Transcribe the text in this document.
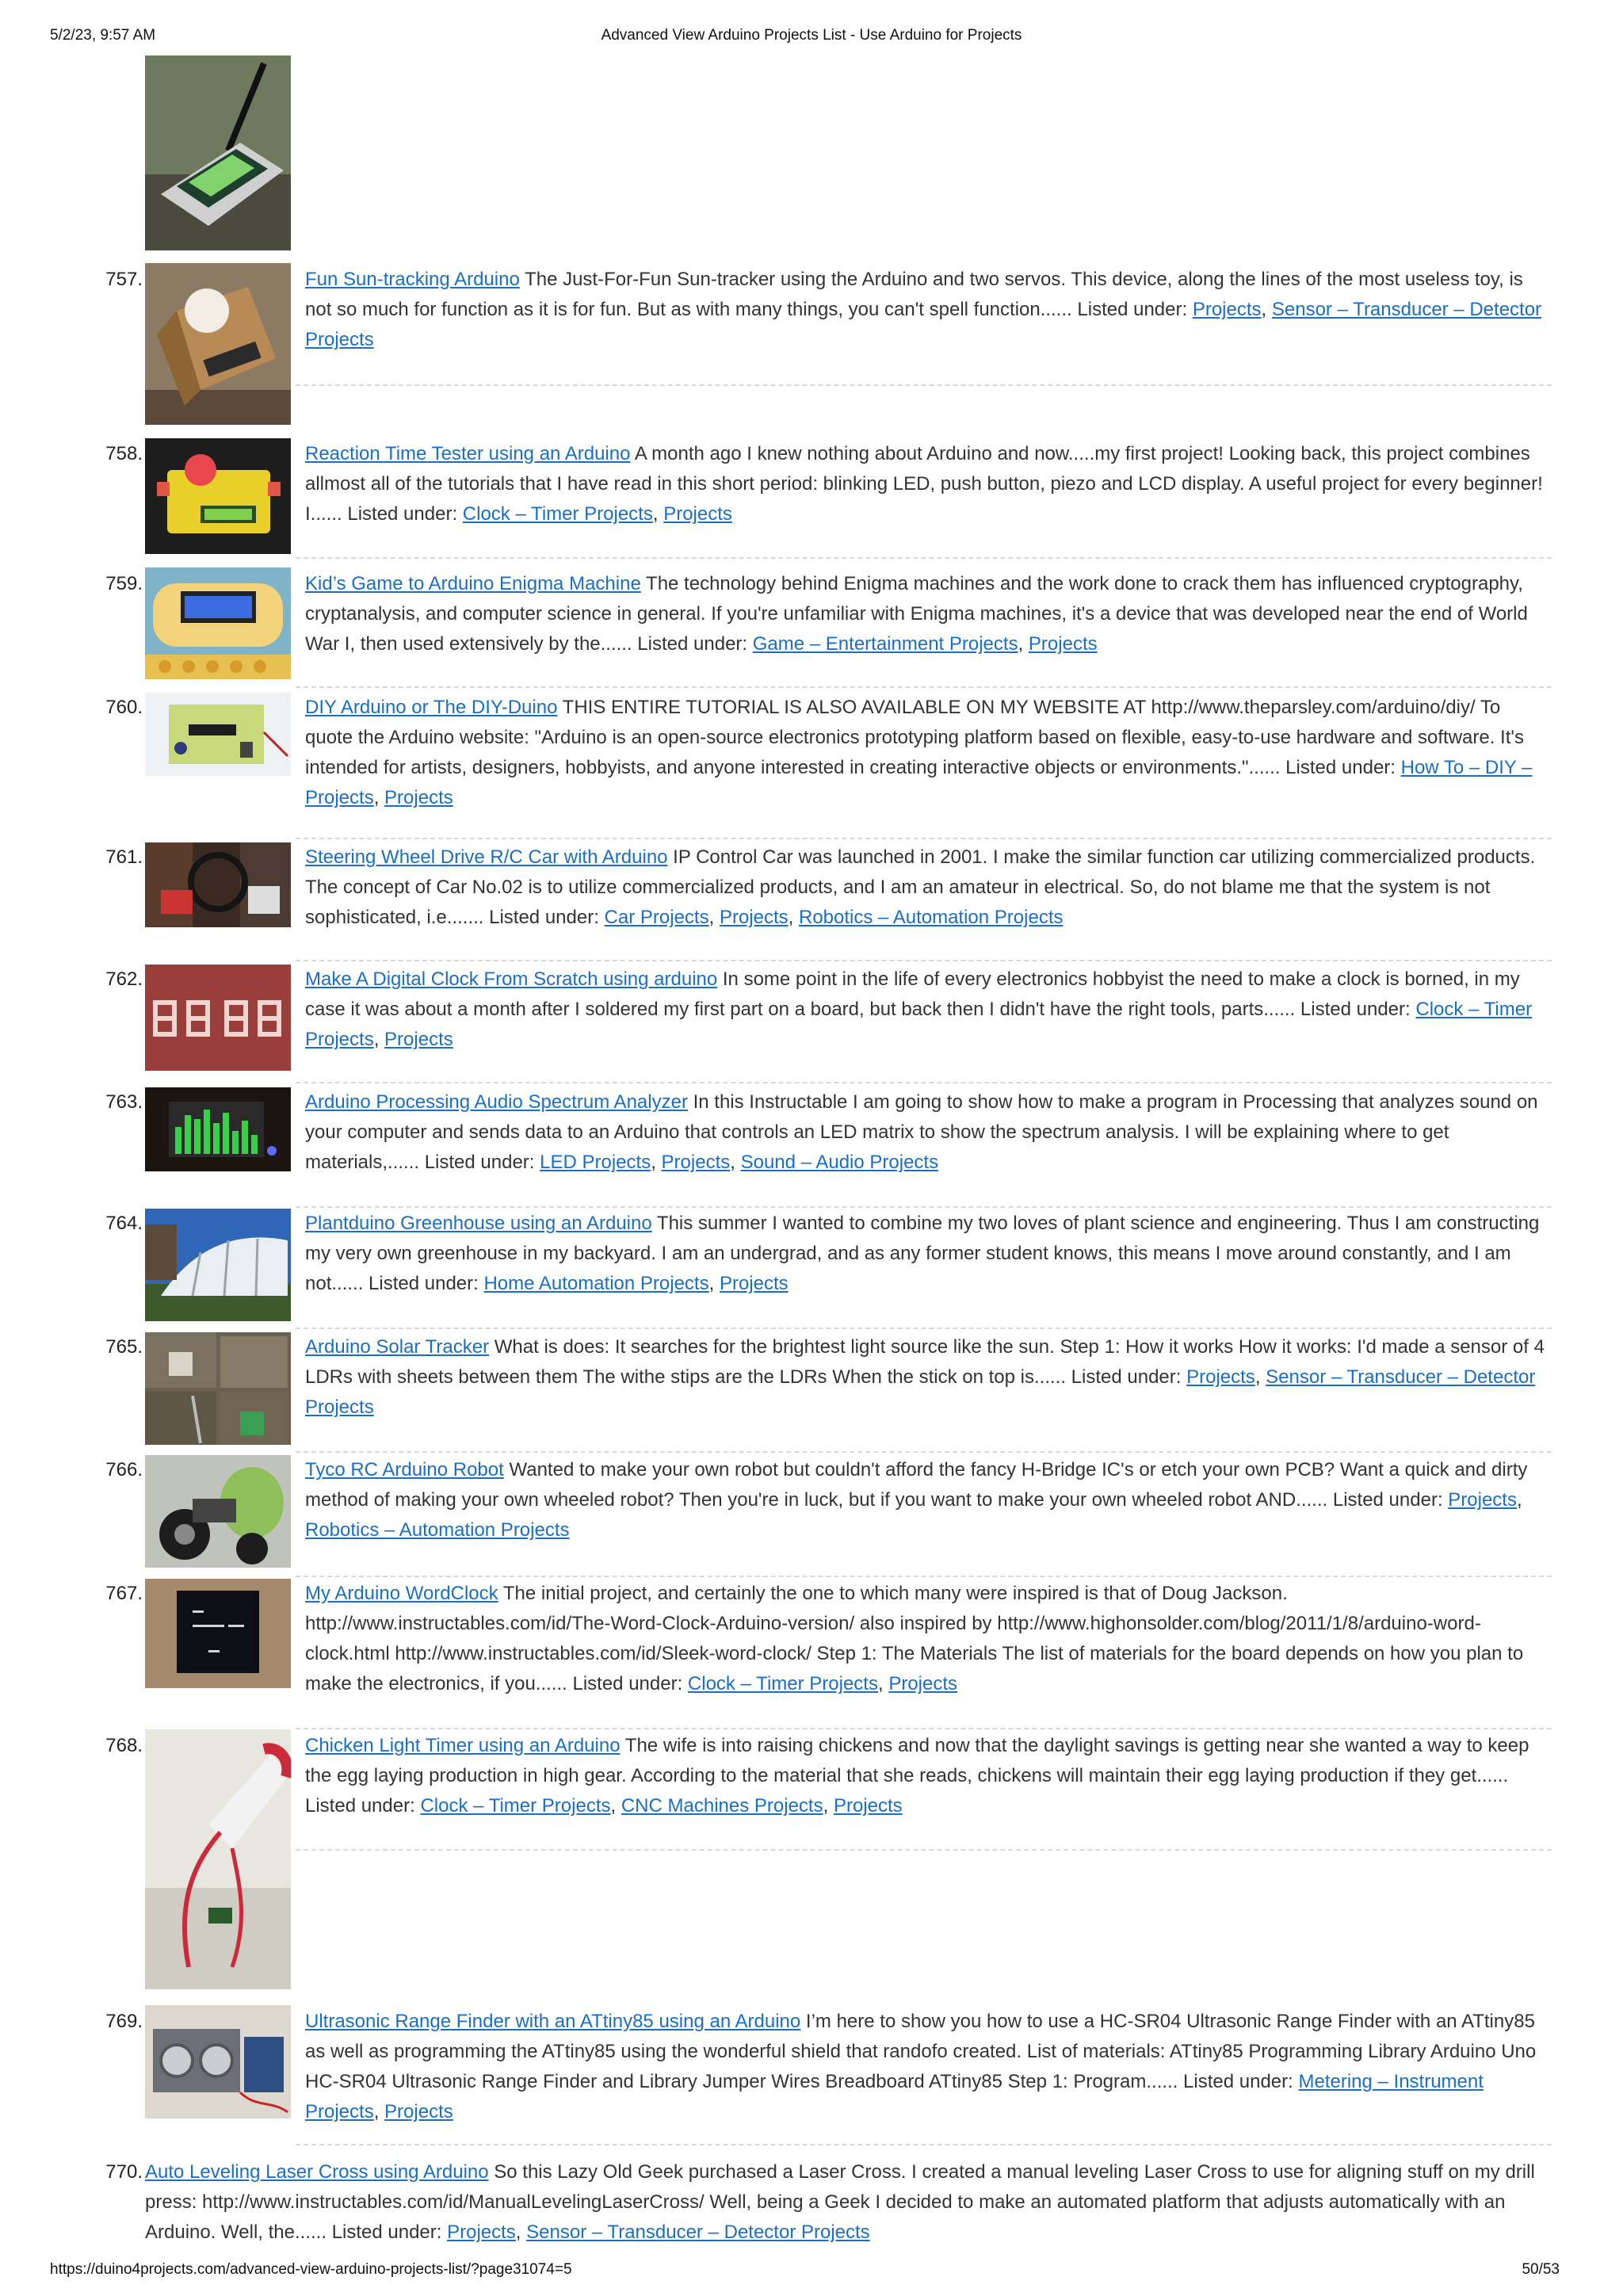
5/2/23, 9:57 AM	Advanced View Arduino Projects List - Use Arduino for Projects
757.	Fun Sun-tracking Arduino The Just-For-Fun Sun-tracker using the Arduino and two servos. This device, along the lines of the most useless toy, is not so much for function as it is for fun. But as with many things, you can't spell function...... Listed under: Projects, Sensor – Transducer – Detector Projects
758.	Reaction Time Tester using an Arduino A month ago I knew nothing about Arduino and now.....my first project! Looking back, this project combines allmost all of the tutorials that I have read in this short period: blinking LED, push button, piezo and LCD display. A useful project for every beginner! I...... Listed under: Clock – Timer Projects, Projects
759.	Kid’s Game to Arduino Enigma Machine The technology behind Enigma machines and the work done to crack them has influenced cryptography, cryptanalysis, and computer science in general. If you're unfamiliar with Enigma machines, it's a device that was developed near the end of World War I, then used extensively by the...... Listed under: Game – Entertainment Projects, Projects
760.	DIY Arduino or The DIY-Duino THIS ENTIRE TUTORIAL IS ALSO AVAILABLE ON MY WEBSITE AT http://www.theparsley.com/arduino/diy/ To quote the Arduino website: "Arduino is an open-source electronics prototyping platform based on flexible, easy-to-use hardware and software. It's intended for artists, designers, hobbyists, and anyone interested in creating interactive objects or environments."...... Listed under: How To – DIY – Projects, Projects
761.	Steering Wheel Drive R/C Car with Arduino IP Control Car was launched in 2001. I make the similar function car utilizing commercialized products. The concept of Car No.02 is to utilize commercialized products, and I am an amateur in electrical. So, do not blame me that the system is not sophisticated, i.e....... Listed under: Car Projects, Projects, Robotics – Automation Projects
762.	Make A Digital Clock From Scratch using arduino In some point in the life of every electronics hobbyist the need to make a clock is borned, in my case it was about a month after I soldered my first part on a board, but back then I didn't have the right tools, parts...... Listed under: Clock – Timer Projects, Projects
763.	Arduino Processing Audio Spectrum Analyzer In this Instructable I am going to show how to make a program in Processing that analyzes sound on your computer and sends data to an Arduino that controls an LED matrix to show the spectrum analysis. I will be explaining where to get materials,...... Listed under: LED Projects, Projects, Sound – Audio Projects
764.	Plantduino Greenhouse using an Arduino This summer I wanted to combine my two loves of plant science and engineering. Thus I am constructing my very own greenhouse in my backyard. I am an undergrad, and as any former student knows, this means I move around constantly, and I am not...... Listed under: Home Automation Projects, Projects
765.	Arduino Solar Tracker What is does: It searches for the brightest light source like the sun. Step 1: How it works How it works: I'd made a sensor of 4 LDRs with sheets between them The withe stips are the LDRs When the stick on top is...... Listed under: Projects, Sensor – Transducer – Detector Projects
766.	Tyco RC Arduino Robot Wanted to make your own robot but couldn't afford the fancy H-Bridge IC's or etch your own PCB? Want a quick and dirty method of making your own wheeled robot? Then you're in luck, but if you want to make your own wheeled robot AND...... Listed under: Projects, Robotics – Automation Projects
767.	My Arduino WordClock The initial project, and certainly the one to which many were inspired is that of Doug Jackson. http://www.instructables.com/id/The-Word-Clock-Arduino-version/ also inspired by http://www.highonsolder.com/blog/2011/1/8/arduino-word-clock.html http://www.instructables.com/id/Sleek-word-clock/ Step 1: The Materials The list of materials for the board depends on how you plan to make the electronics, if you...... Listed under: Clock – Timer Projects, Projects
768.	Chicken Light Timer using an Arduino The wife is into raising chickens and now that the daylight savings is getting near she wanted a way to keep the egg laying production in high gear. According to the material that she reads, chickens will maintain their egg laying production if they get...... Listed under: Clock – Timer Projects, CNC Machines Projects, Projects
769.	Ultrasonic Range Finder with an ATtiny85 using an Arduino I’m here to show you how to use a HC-SR04 Ultrasonic Range Finder with an ATtiny85 as well as programming the ATtiny85 using the wonderful shield that randofo created. List of materials: ATtiny85 Programming Library Arduino Uno HC-SR04 Ultrasonic Range Finder and Library Jumper Wires Breadboard ATtiny85 Step 1: Program...... Listed under: Metering – Instrument Projects, Projects
770. Auto Leveling Laser Cross using Arduino So this Lazy Old Geek purchased a Laser Cross. I created a manual leveling Laser Cross to use for aligning stuff on my drill press: http://www.instructables.com/id/ManualLevelingLaserCross/ Well, being a Geek I decided to make an automated platform that adjusts automatically with an Arduino. Well, the...... Listed under: Projects, Sensor – Transducer – Detector Projects
https://duino4projects.com/advanced-view-arduino-projects-list/?page31074=5	50/53
